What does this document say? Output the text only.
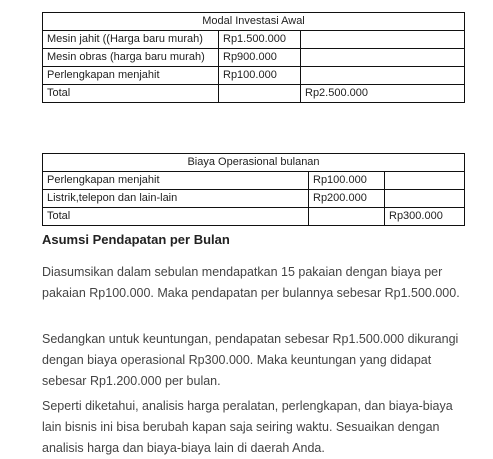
Modal Investasi Awal		
Mesin jahit ((Harga baru murah)	Rp1.500.000	
Mesin obras (harga baru murah)	Rp900.000	
Perlengkapan menjahit	Rp100.000	
Total		Rp2.500.000
Biaya Operasional bulanan		
Perlengkapan menjahit	Rp100.000	
Listrik,telepon dan lain-lain	Rp200.000	
Total		Rp300.000
Asumsi Pendapatan per Bulan

Diasumsikan dalam sebulan mendapatkan 15 pakaian dengan biaya per pakaian Rp100.000. Maka pendapatan per bulannya sebesar Rp1.500.000.

Sedangkan untuk keuntungan, pendapatan sebesar Rp1.500.000 dikurangi dengan biaya operasional Rp300.000. Maka keuntungan yang didapat sebesar Rp1.200.000 per bulan.

Seperti diketahui, analisis harga peralatan, perlengkapan, dan biaya-biaya lain bisnis ini bisa berubah kapan saja seiring waktu. Sesuaikan dengan analisis harga dan biaya-biaya lain di daerah Anda.
